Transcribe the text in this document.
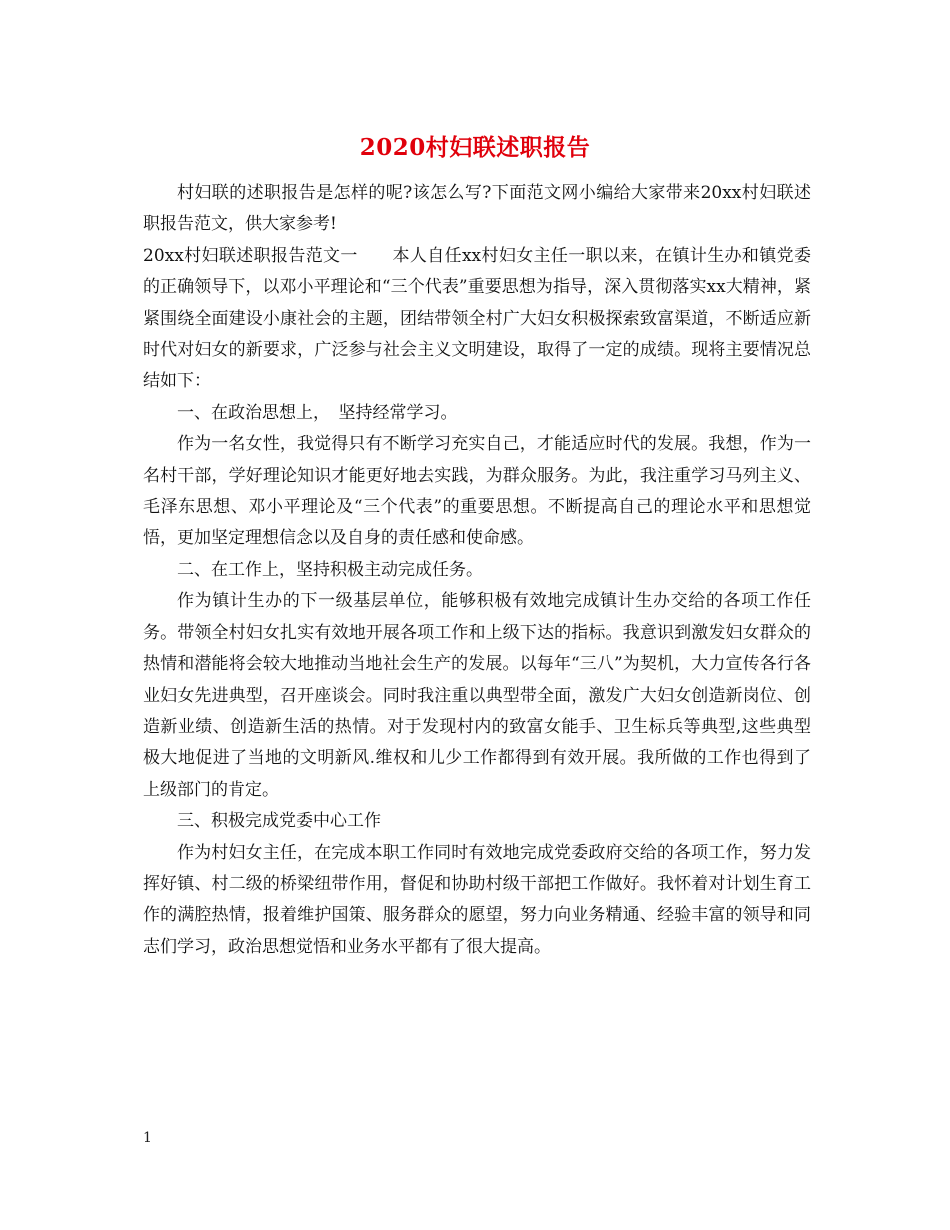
2020村妇联述职报告

村妇联的述职报告是怎样的呢?该怎么写?下面范文网小编给大家带来20xx村妇联述职报告范文，供大家参考!

20xx村妇联述职报告范文一　　本人自任xx村妇女主任一职以来，在镇计生办和镇党委的正确领导下，以邓小平理论和“三个代表”重要思想为指导，深入贯彻落实xx大精神，紧紧围绕全面建设小康社会的主题，团结带领全村广大妇女积极探索致富渠道，不断适应新时代对妇女的新要求，广泛参与社会主义文明建设，取得了一定的成绩。现将主要情况总结如下：

一、在政治思想上，　坚持经常学习。

作为一名女性，我觉得只有不断学习充实自己，才能适应时代的发展。我想，作为一名村干部，学好理论知识才能更好地去实践，为群众服务。为此，我注重学习马列主义、毛泽东思想、邓小平理论及“三个代表”的重要思想。不断提高自己的理论水平和思想觉悟，更加坚定理想信念以及自身的责任感和使命感。

二、在工作上，坚持积极主动完成任务。

作为镇计生办的下一级基层单位，能够积极有效地完成镇计生办交给的各项工作任务。带领全村妇女扎实有效地开展各项工作和上级下达的指标。我意识到激发妇女群众的热情和潜能将会较大地推动当地社会生产的发展。以每年“三八”为契机，大力宣传各行各业妇女先进典型，召开座谈会。同时我注重以典型带全面，激发广大妇女创造新岗位、创造新业绩、创造新生活的热情。对于发现村内的致富女能手、卫生标兵等典型,这些典型极大地促进了当地的文明新风.维权和儿少工作都得到有效开展。我所做的工作也得到了上级部门的肯定。

三、积极完成党委中心工作

作为村妇女主任，在完成本职工作同时有效地完成党委政府交给的各项工作，努力发挥好镇、村二级的桥梁纽带作用，督促和协助村级干部把工作做好。我怀着对计划生育工作的满腔热情，报着维护国策、服务群众的愿望，努力向业务精通、经验丰富的领导和同志们学习，政治思想觉悟和业务水平都有了很大提高。

1
